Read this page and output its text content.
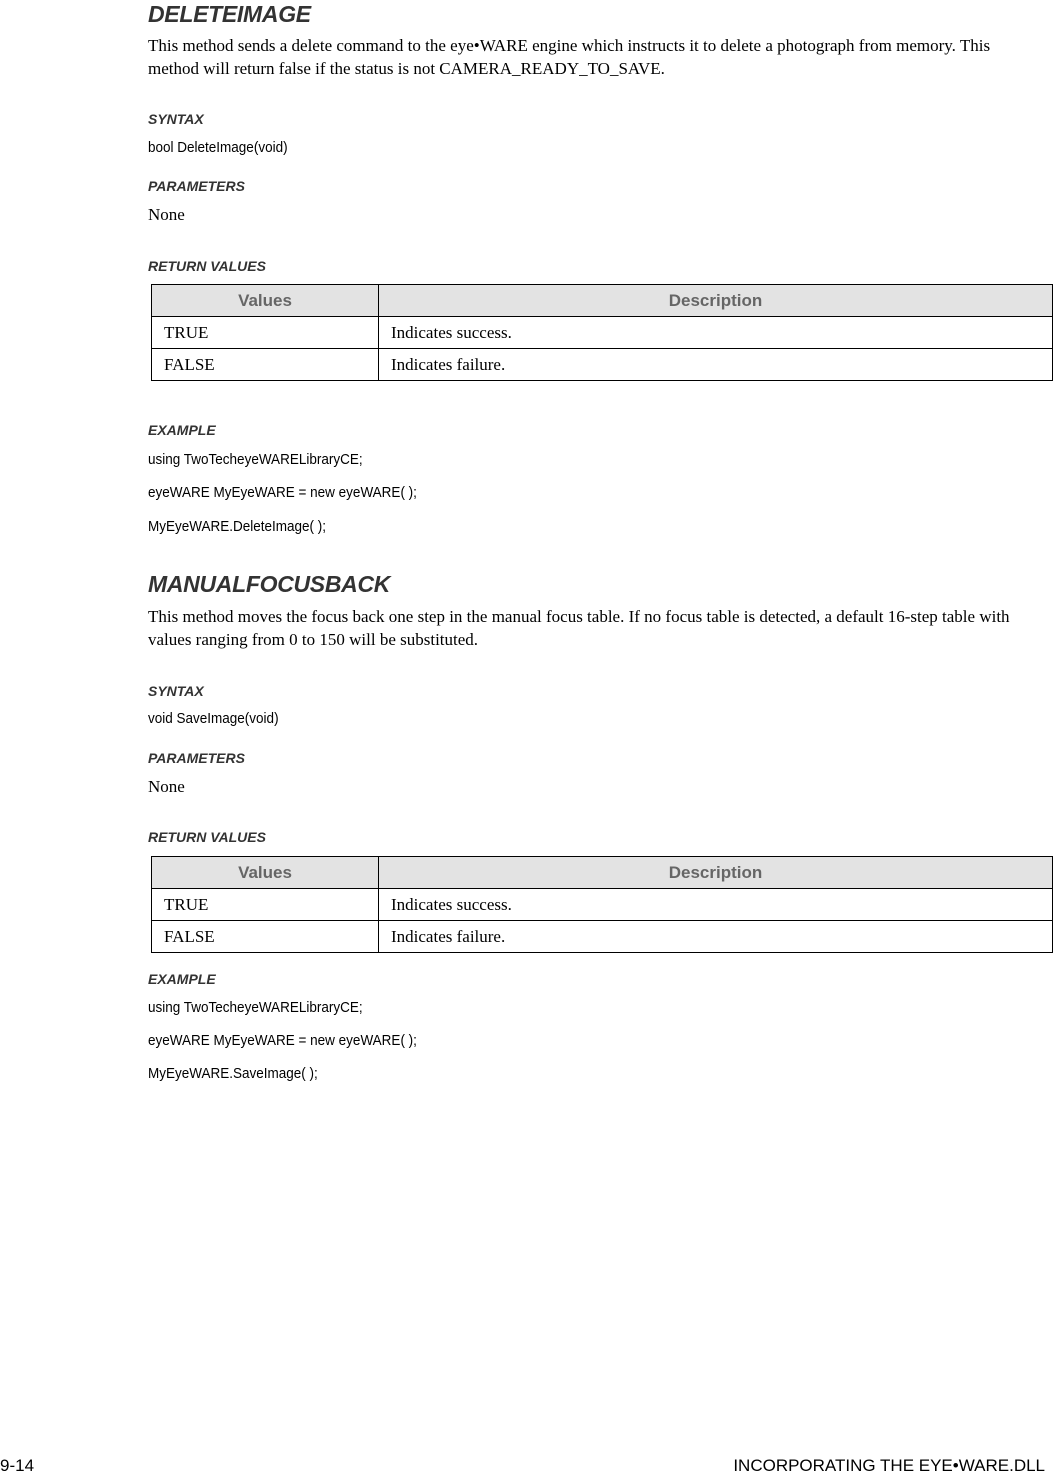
DELETEIMAGE

This method sends a delete command to the eye•WARE engine which instructs it to delete a photograph from memory. This method will return false if the status is not CAMERA_READY_TO_SAVE.

SYNTAX

bool DeleteImage(void)

PARAMETERS

None

RETURN VALUES
Values	Description
TRUE	Indicates success.
FALSE	Indicates failure.
EXAMPLE

using TwoTecheyeWARELibraryCE;

eyeWARE MyEyeWARE = new eyeWARE( );

MyEyeWARE.DeleteImage( );

MANUALFOCUSBACK

This method moves the focus back one step in the manual focus table. If no focus table is detected, a default 16-step table with values ranging from 0 to 150 will be substituted.

SYNTAX

void SaveImage(void)

PARAMETERS

None

RETURN VALUES
Values	Description
TRUE	Indicates success.
FALSE	Indicates failure.
EXAMPLE

using TwoTecheyeWARELibraryCE;

eyeWARE MyEyeWARE = new eyeWARE( );

MyEyeWARE.SaveImage( );

9-14	INCORPORATING THE EYE•WARE.DLL
